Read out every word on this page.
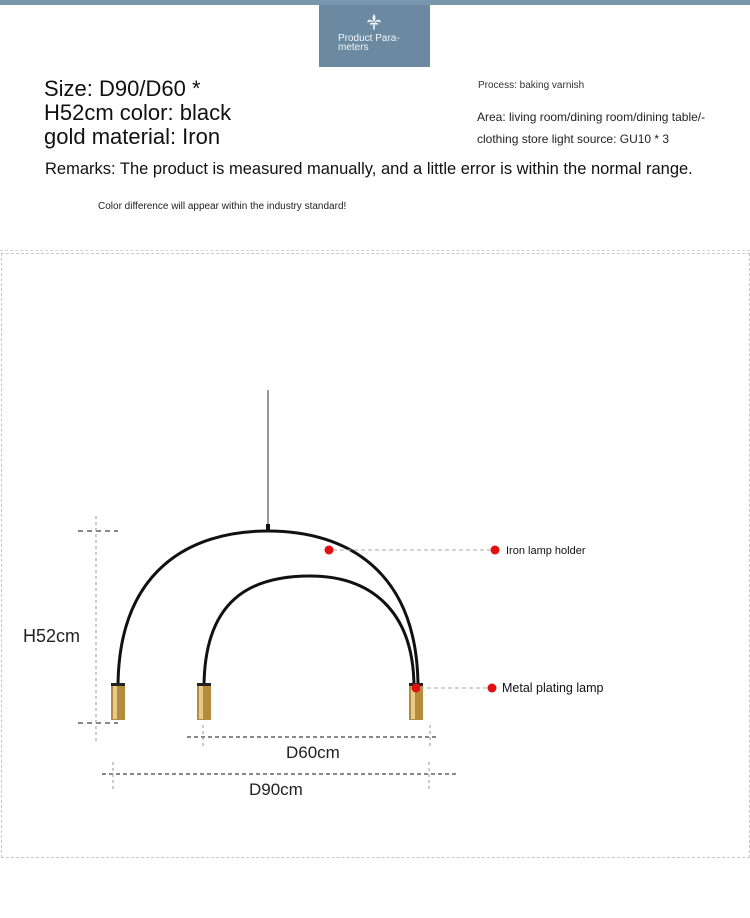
Product Para-meters
Size: D90/D60 *
H52cm color: black
gold material: Iron
Process: baking varnish
Area: living room/dining room/dining table/-
clothing store light source: GU10 * 3
Remarks: The product is measured manually, and a little error is within the normal range.
Color difference will appear within the industry standard!
H52cm
D60cm
D90cm
Iron lamp holder
Metal plating lamp
